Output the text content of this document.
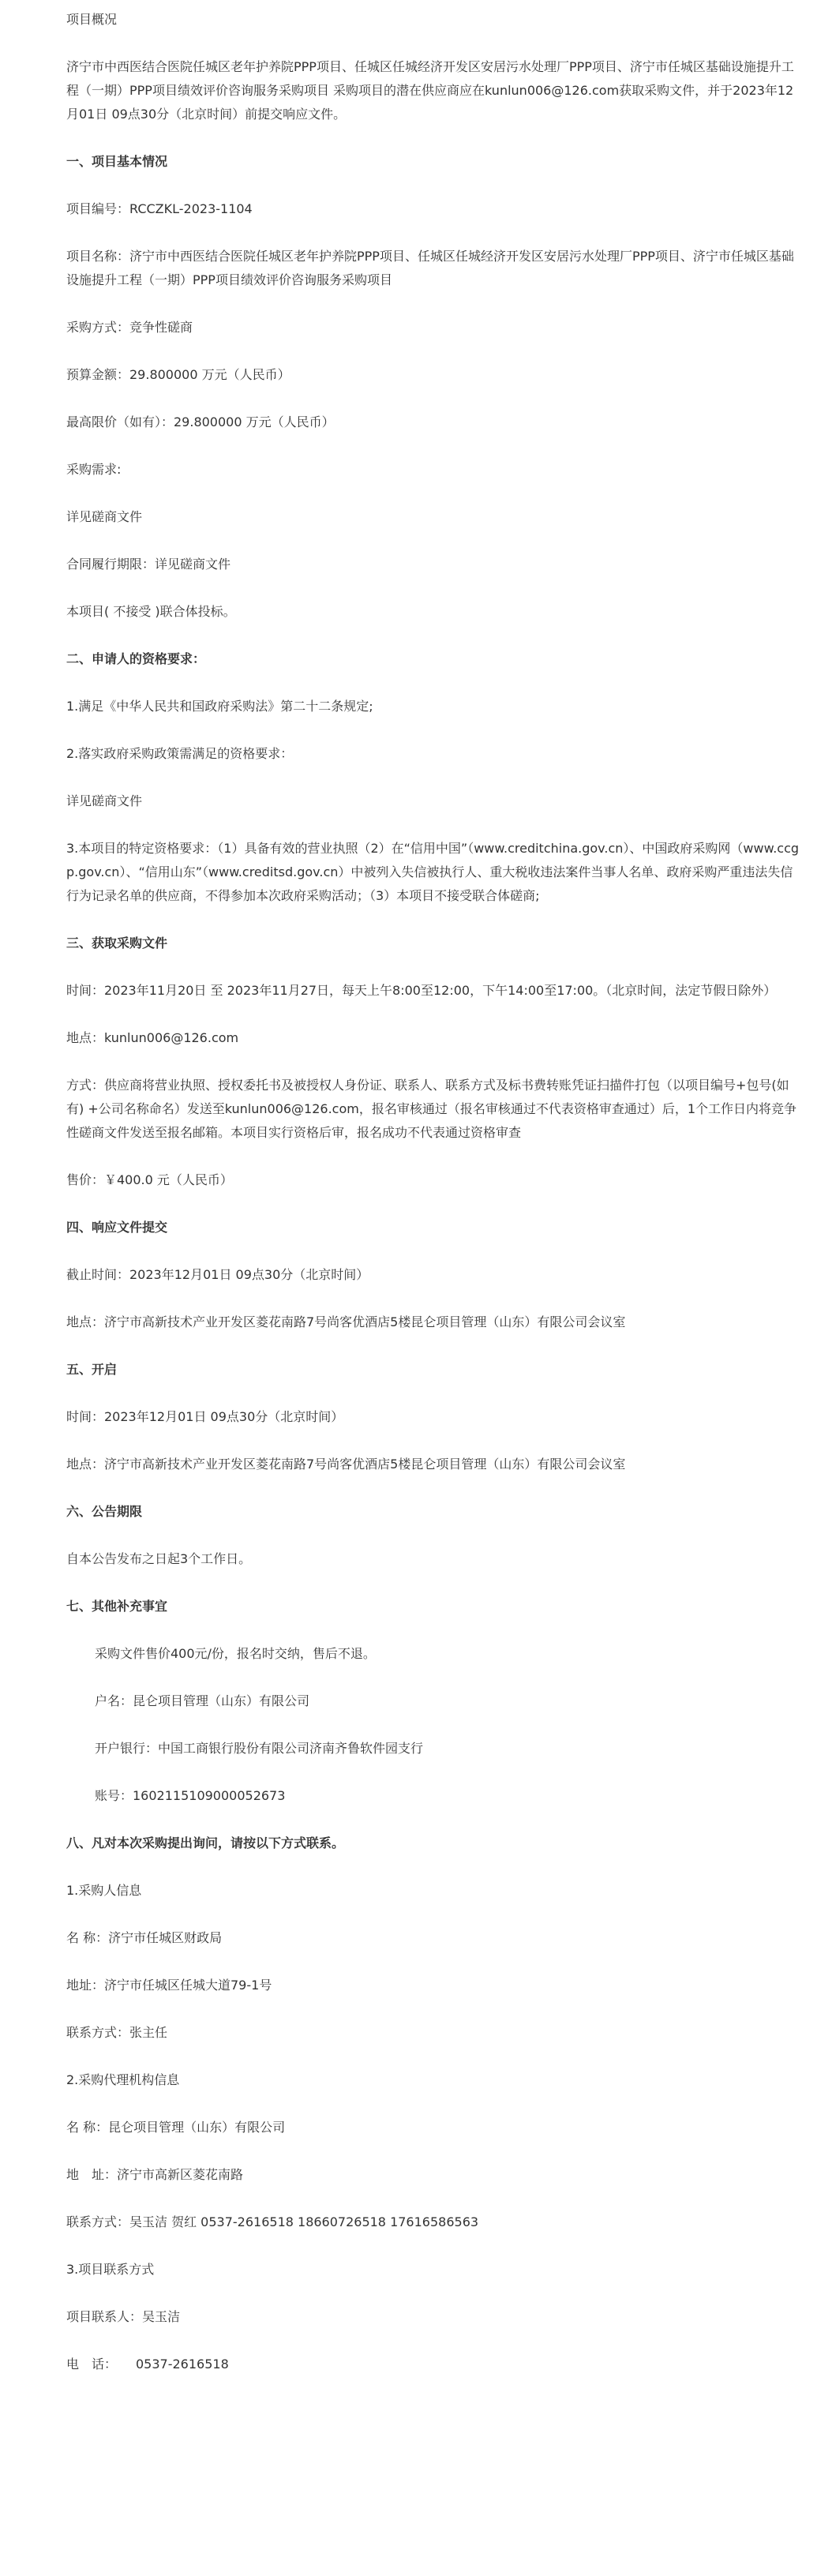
项目概况

济宁市中西医结合医院任城区老年护养院PPP项目、任城区任城经济开发区安居污水处理厂PPP项目、济宁市任城区基础设施提升工程（一期）PPP项目绩效评价咨询服务采购项目 采购项目的潜在供应商应在kunlun006@126.com获取采购文件，并于2023年12月01日 09点30分（北京时间）前提交响应文件。

一、项目基本情况

项目编号：RCCZKL-2023-1104

项目名称：济宁市中西医结合医院任城区老年护养院PPP项目、任城区任城经济开发区安居污水处理厂PPP项目、济宁市任城区基础设施提升工程（一期）PPP项目绩效评价咨询服务采购项目

采购方式：竞争性磋商

预算金额：29.800000 万元（人民币）

最高限价（如有）：29.800000 万元（人民币）

采购需求:

详见磋商文件

合同履行期限：详见磋商文件

本项目( 不接受 )联合体投标。

二、申请人的资格要求：

1.满足《中华人民共和国政府采购法》第二十二条规定;

2.落实政府采购政策需满足的资格要求：

详见磋商文件

3.本项目的特定资格要求：（1）具备有效的营业执照（2）在“信用中国”（www.creditchina.gov.cn）、中国政府采购网（www.ccgp.gov.cn）、“信用山东”（www.creditsd.gov.cn）中被列入失信被执行人、重大税收违法案件当事人名单、政府采购严重违法失信行为记录名单的供应商，不得参加本次政府采购活动；（3）本项目不接受联合体磋商;

三、获取采购文件

时间：2023年11月20日 至 2023年11月27日，每天上午8:00至12:00，下午14:00至17:00。（北京时间，法定节假日除外）

地点：kunlun006@126.com

方式：供应商将营业执照、授权委托书及被授权人身份证、联系人、联系方式及标书费转账凭证扫描件打包（以项目编号+包号(如有) +公司名称命名）发送至kunlun006@126.com，报名审核通过（报名审核通过不代表资格审查通过）后，1个工作日内将竞争性磋商文件发送至报名邮箱。本项目实行资格后审，报名成功不代表通过资格审查

售价：￥400.0 元（人民币）

四、响应文件提交

截止时间：2023年12月01日 09点30分（北京时间）

地点：济宁市高新技术产业开发区菱花南路7号尚客优酒店5楼昆仑项目管理（山东）有限公司会议室

五、开启

时间：2023年12月01日 09点30分（北京时间）

地点：济宁市高新技术产业开发区菱花南路7号尚客优酒店5楼昆仑项目管理（山东）有限公司会议室

六、公告期限

自本公告发布之日起3个工作日。

七、其他补充事宜

采购文件售价400元/份，报名时交纳，售后不退。

户名：昆仑项目管理（山东）有限公司

开户银行：中国工商银行股份有限公司济南齐鲁软件园支行

账号：1602115109000052673

八、凡对本次采购提出询问，请按以下方式联系。

1.采购人信息

名 称：济宁市任城区财政局

地址：济宁市任城区任城大道79-1号

联系方式：张主任

2.采购代理机构信息

名 称：昆仑项目管理（山东）有限公司

地　址：济宁市高新区菱花南路

联系方式：吴玉洁 贺红 0537-2616518 18660726518 17616586563

3.项目联系方式

项目联系人：吴玉洁

电　话：　　0537-2616518
